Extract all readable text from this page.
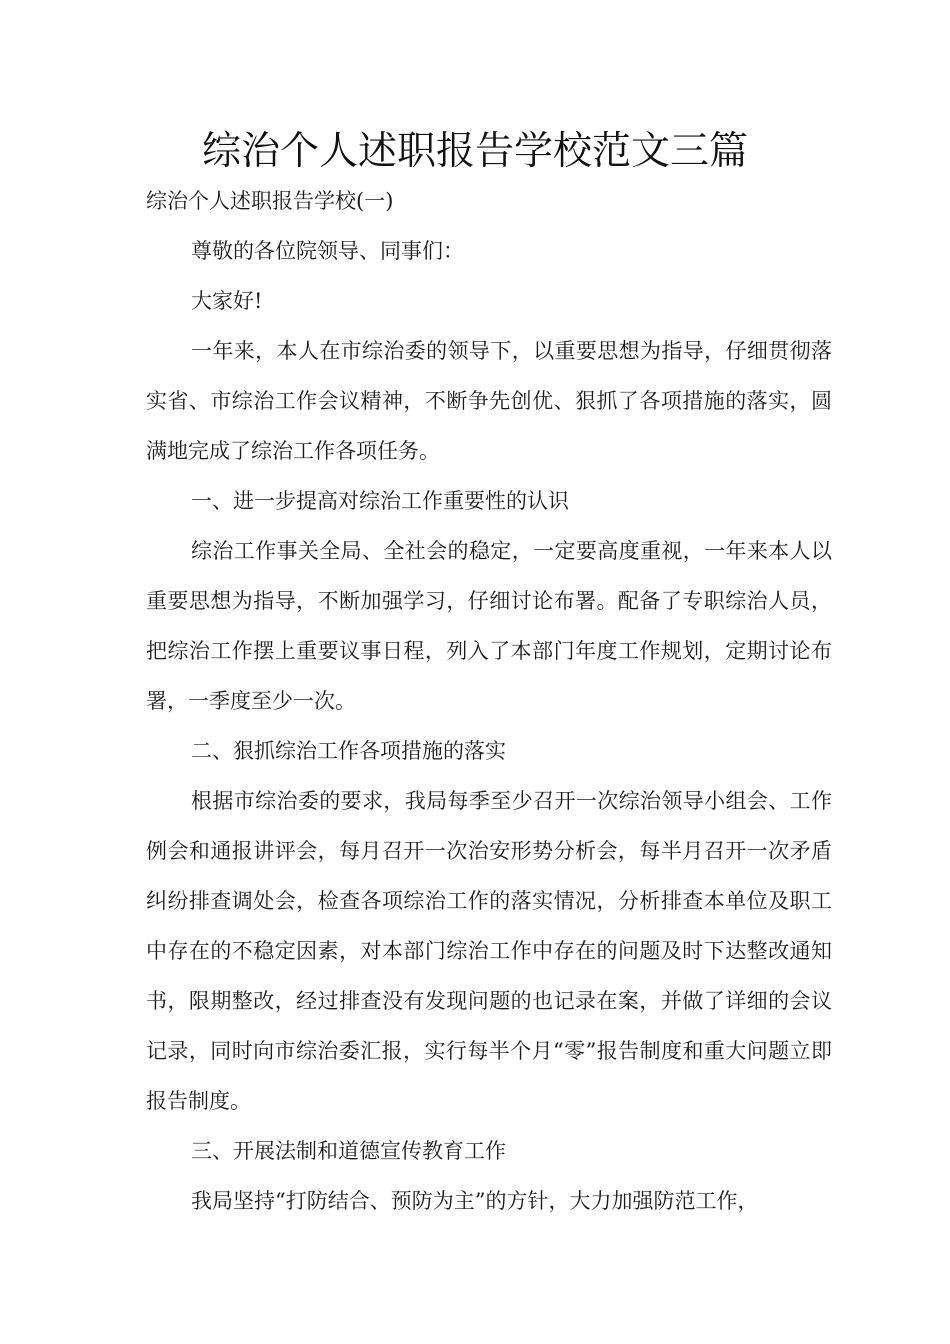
综治个人述职报告学校范文三篇

综治个人述职报告学校(一)

尊敬的各位院领导、同事们：

大家好!

一年来，本人在市综治委的领导下，以重要思想为指导，仔细贯彻落实省、市综治工作会议精神，不断争先创优、狠抓了各项措施的落实，圆满地完成了综治工作各项任务。

一、进一步提高对综治工作重要性的认识

综治工作事关全局、全社会的稳定，一定要高度重视，一年来本人以重要思想为指导，不断加强学习，仔细讨论布署。配备了专职综治人员，把综治工作摆上重要议事日程，列入了本部门年度工作规划，定期讨论布署，一季度至少一次。

二、狠抓综治工作各项措施的落实

根据市综治委的要求，我局每季至少召开一次综治领导小组会、工作例会和通报讲评会，每月召开一次治安形势分析会，每半月召开一次矛盾纠纷排查调处会，检查各项综治工作的落实情况，分析排查本单位及职工中存在的不稳定因素，对本部门综治工作中存在的问题及时下达整改通知书，限期整改，经过排查没有发现问题的也记录在案，并做了详细的会议记录，同时向市综治委汇报，实行每半个月“零”报告制度和重大问题立即报告制度。

三、开展法制和道德宣传教育工作

我局坚持“打防结合、预防为主”的方针，大力加强防范工作，
